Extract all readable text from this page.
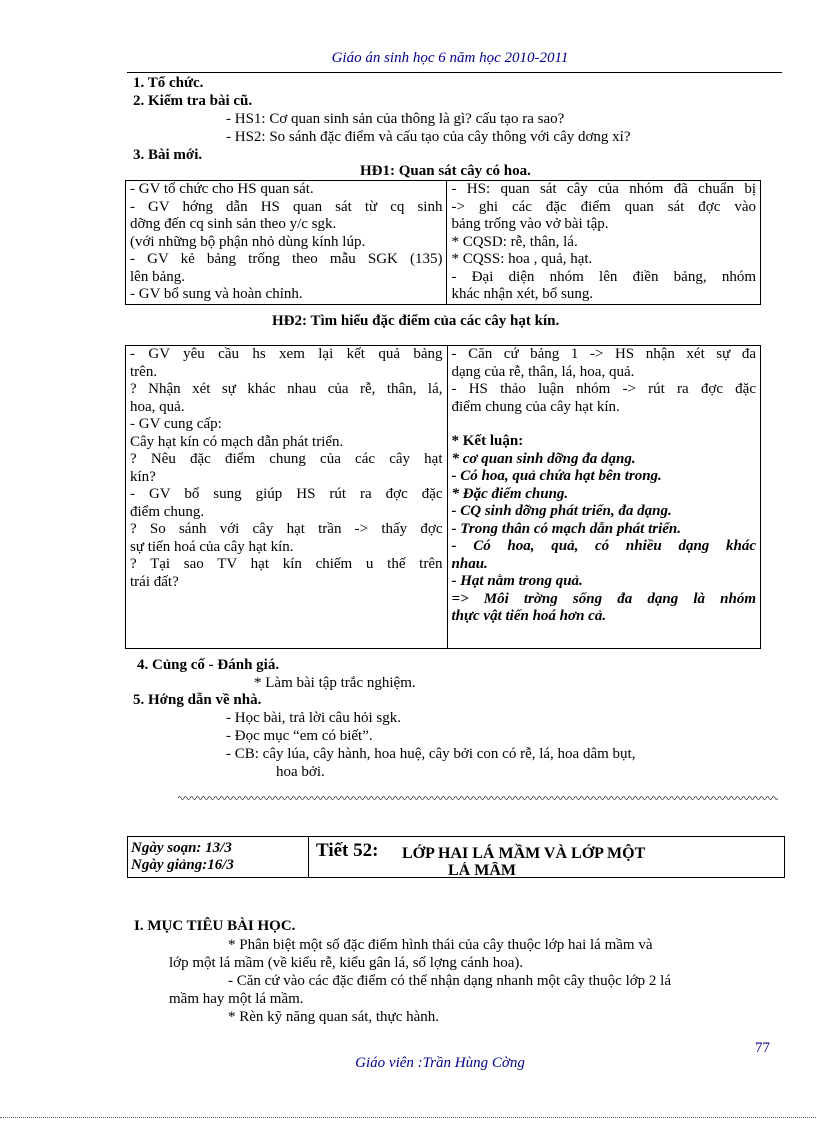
Giáo án sinh học 6 năm học 2010-2011
1. Tổ chức.
2. Kiểm tra bài cũ.
- HS1: Cơ quan sinh sản của thông là gì? cấu tạo ra sao?
- HS2: So sánh đặc điểm và cấu tạo của cây thông với cây dơng xỉ?
3. Bài mới.
HĐ1: Quan sát cây có hoa.
- GV tổ chức cho HS quan sát.
- GV hớng dẫn HS quan sát từ cq sinh
dỡng đến cq sinh sản theo y/c sgk.
(với những bộ phận nhỏ dùng kính lúp.
- GV kẻ bảng trống theo mẫu SGK (135)
lên bảng.
- GV bổ sung và hoàn chỉnh.

- HS: quan sát cây của nhóm đã chuẩn bị
-> ghi các đặc điểm quan sát đợc vào
bảng trống vào vở bài tập.
* CQSD: rễ, thân, lá.
* CQSS: hoa , quả, hạt.
- Đại diện nhóm lên điền bảng, nhóm
khác nhận xét, bổ sung.
HĐ2: Tìm hiểu đặc điểm của các cây hạt kín.
- GV yêu cầu hs xem lại kết quả bảng
trên.
? Nhận xét sự khác nhau của rễ, thân, lá,
hoa, quả.
- GV cung cấp:
Cây hạt kín có mạch dẫn phát triển.
? Nêu đặc điểm chung của các cây hạt
kín?
- GV bổ sung giúp HS rút ra đợc đặc
điểm chung.
? So sánh với cây hạt trần -> thấy đợc
sự tiến hoá của cây hạt kín.
? Tại sao TV hạt kín chiếm u thế trên
trái đất?

- Căn cứ bảng 1 -> HS nhận xét sự đa
dạng của rễ, thân, lá, hoa, quả.
- HS thảo luận nhóm -> rút ra đợc đặc
điểm chung của cây hạt kín.
* Kết luận:
* cơ quan sinh dỡng đa dạng.
- Có hoa, quả chứa hạt bên trong.
* Đặc điểm chung.
- CQ sinh dỡng phát triển, đa dạng.
- Trong thân có mạch dẫn phát triển.
- Có hoa, quả, có nhiều dạng khác
nhau.
- Hạt nằm trong quả.
=> Môi trờng sống đa dạng là nhóm
thực vật tiến hoá hơn cả.
4. Củng cố - Đánh giá.
* Làm bài tập trắc nghiệm.
5. Hớng dẫn về nhà.
- Học bài, trả lời câu hỏi sgk.
- Đọc mục “em có biết”.
- CB: cây lúa, cây hành, hoa huệ, cây bởi con có rễ, lá, hoa dâm bụt,
hoa bởi.
Ngày soạn: 13/3
Ngày giảng:16/3
Tiết 52: LỚP HAI LÁ MẦM VÀ LỚP MỘT
LÁ MẦM
I. MỤC TIÊU BÀI HỌC.
* Phân biệt một số đặc điểm hình thái của cây thuộc lớp hai lá mầm và
lớp một lá mầm (về kiểu rễ, kiểu gân lá, số lợng cánh hoa).
- Căn cứ vào các đặc điểm có thể nhận dạng nhanh một cây thuộc lớp 2 lá
mầm hay một lá mầm.
* Rèn kỹ năng quan sát, thực hành.
77
Giáo viên :Trần Hùng Cờng
